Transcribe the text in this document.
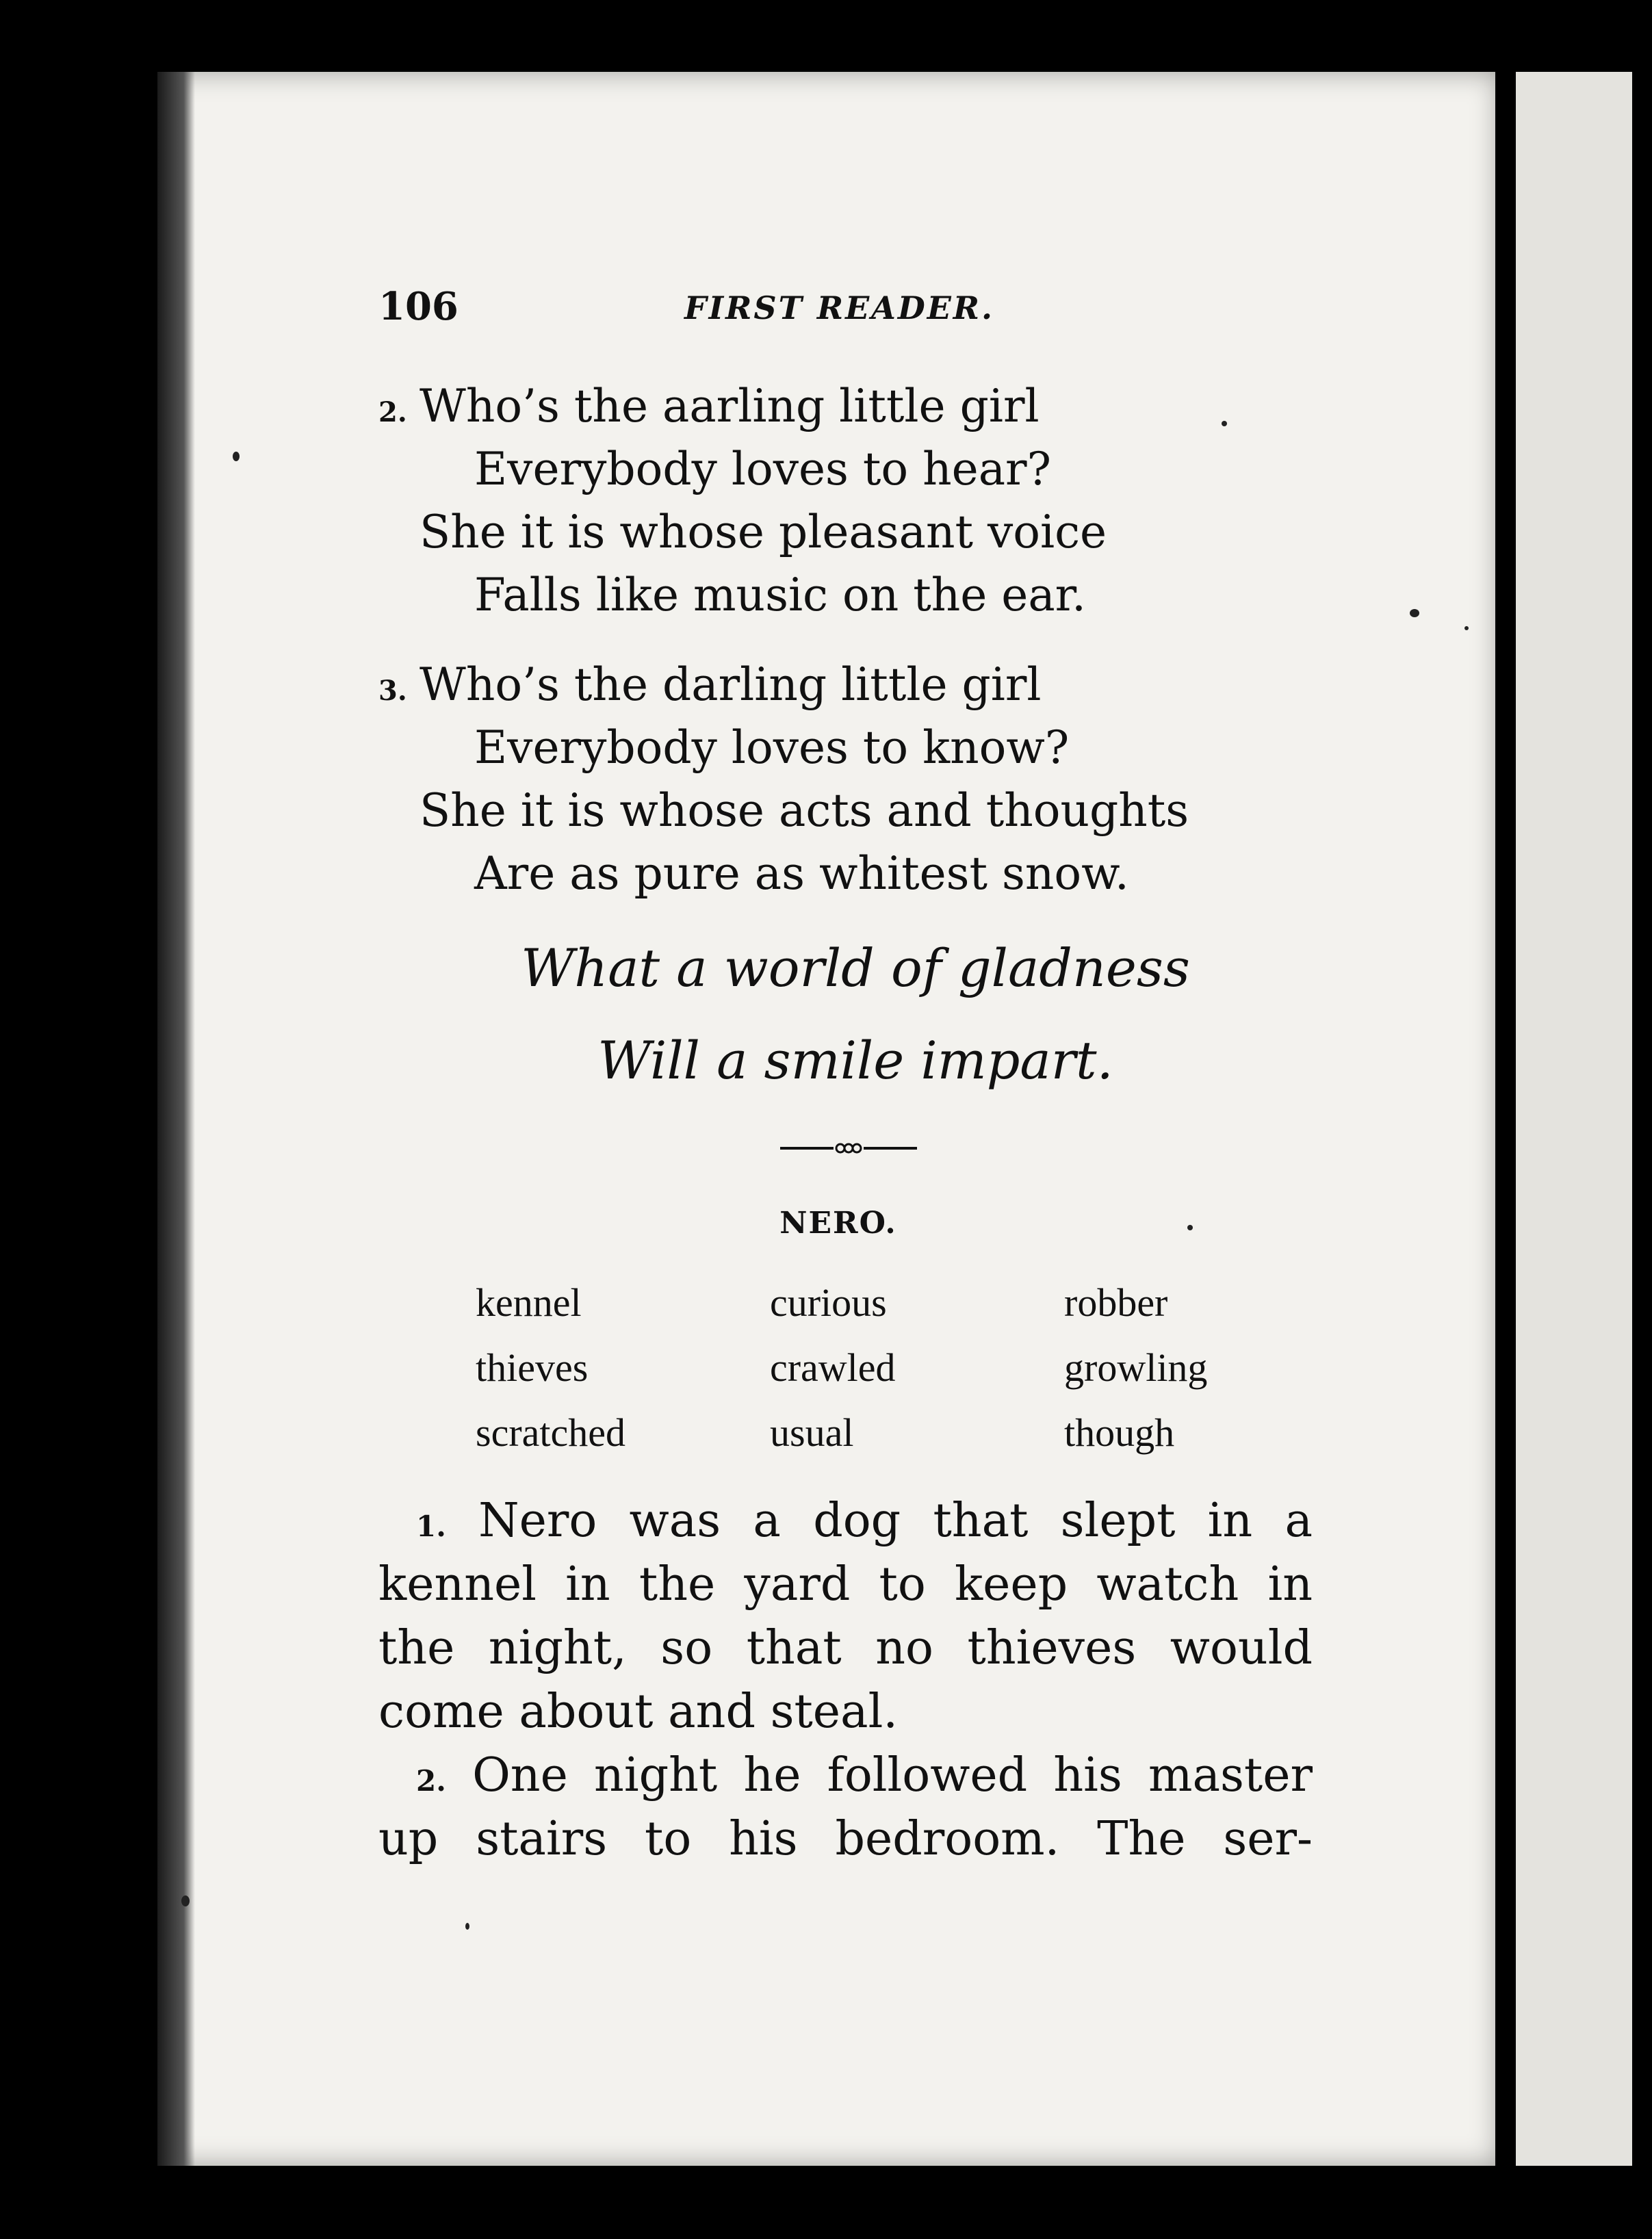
106	FIRST READER.
2. Who’s the aarling little girl
Everybody loves to hear?
She it is whose pleasant voice
Falls like music on the ear.
3. Who’s the darling little girl
Everybody loves to know?
She it is whose acts and thoughts
Are as pure as whitest snow.
What a world of gladness
Will a smile impart.
NERO.
kennel	curious	robber
thieves	crawled	growling
scratched	usual	though
1. Nero was a dog that slept in a
kennel in the yard to keep watch in
the night, so that no thieves would
come about and steal.
2. One night he followed his master
up stairs to his bedroom. The ser-
